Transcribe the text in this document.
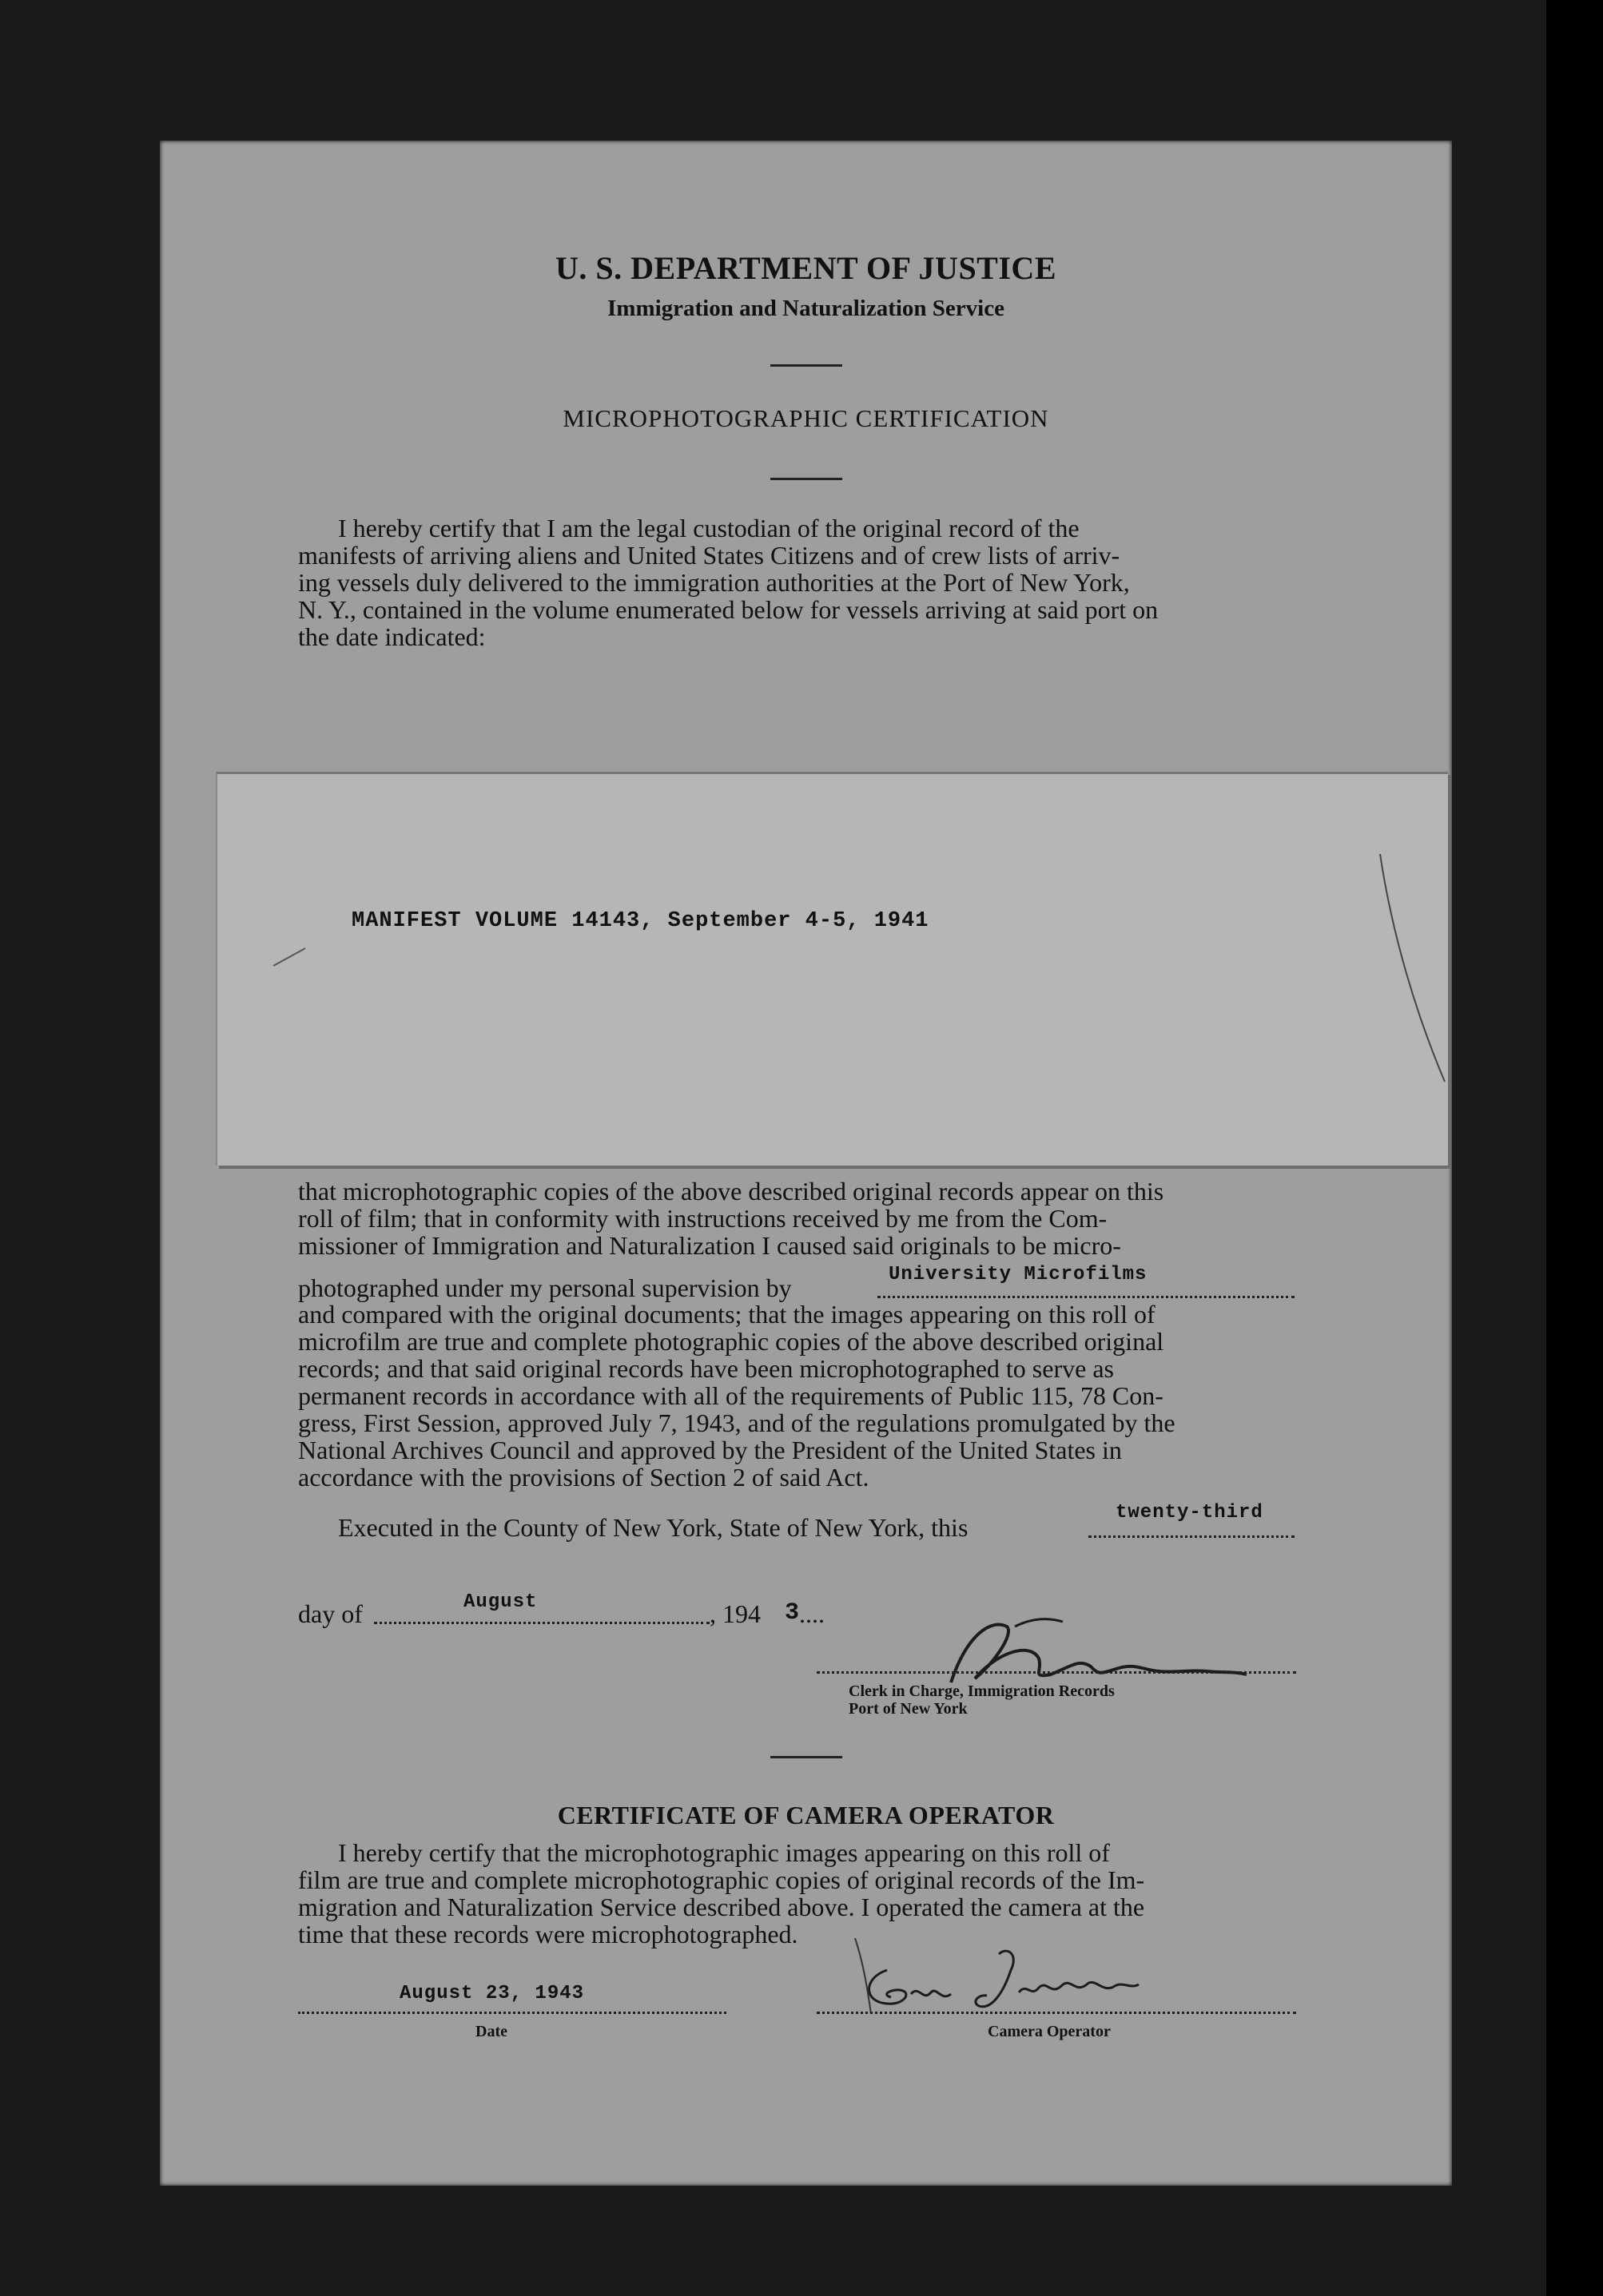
U. S. DEPARTMENT OF JUSTICE
Immigration and Naturalization Service
MICROPHOTOGRAPHIC CERTIFICATION
I hereby certify that I am the legal custodian of the original record of the
manifests of arriving aliens and United States Citizens and of crew lists of arriv-
ing vessels duly delivered to the immigration authorities at the Port of New York,
N. Y., contained in the volume enumerated below for vessels arriving at said port on
the date indicated:
MANIFEST VOLUME 14143, September 4-5, 1941
that microphotographic copies of the above described original records appear on this
roll of film; that in conformity with instructions received by me from the Com-
missioner of Immigration and Naturalization I caused said originals to be micro-
photographed under my personal supervision by	University Microfilms
and compared with the original documents; that the images appearing on this roll of
microfilm are true and complete photographic copies of the above described original
records; and that said original records have been microphotographed to serve as
permanent records in accordance with all of the requirements of Public 115, 78 Con-
gress, First Session, approved July 7, 1943, and of the regulations promulgated by the
National Archives Council and approved by the President of the United States in
accordance with the provisions of Section 2 of said Act.
Executed in the County of New York, State of New York, this
twenty-third
day of	August	, 194 3
....
Clerk in Charge, Immigration Records
Port of New York
CERTIFICATE OF CAMERA OPERATOR
I hereby certify that the microphotographic images appearing on this roll of
film are true and complete microphotographic copies of original records of the Im-
migration and Naturalization Service described above. I operated the camera at the
time that these records were microphotographed.
August 23, 1943
Date	Camera Operator
